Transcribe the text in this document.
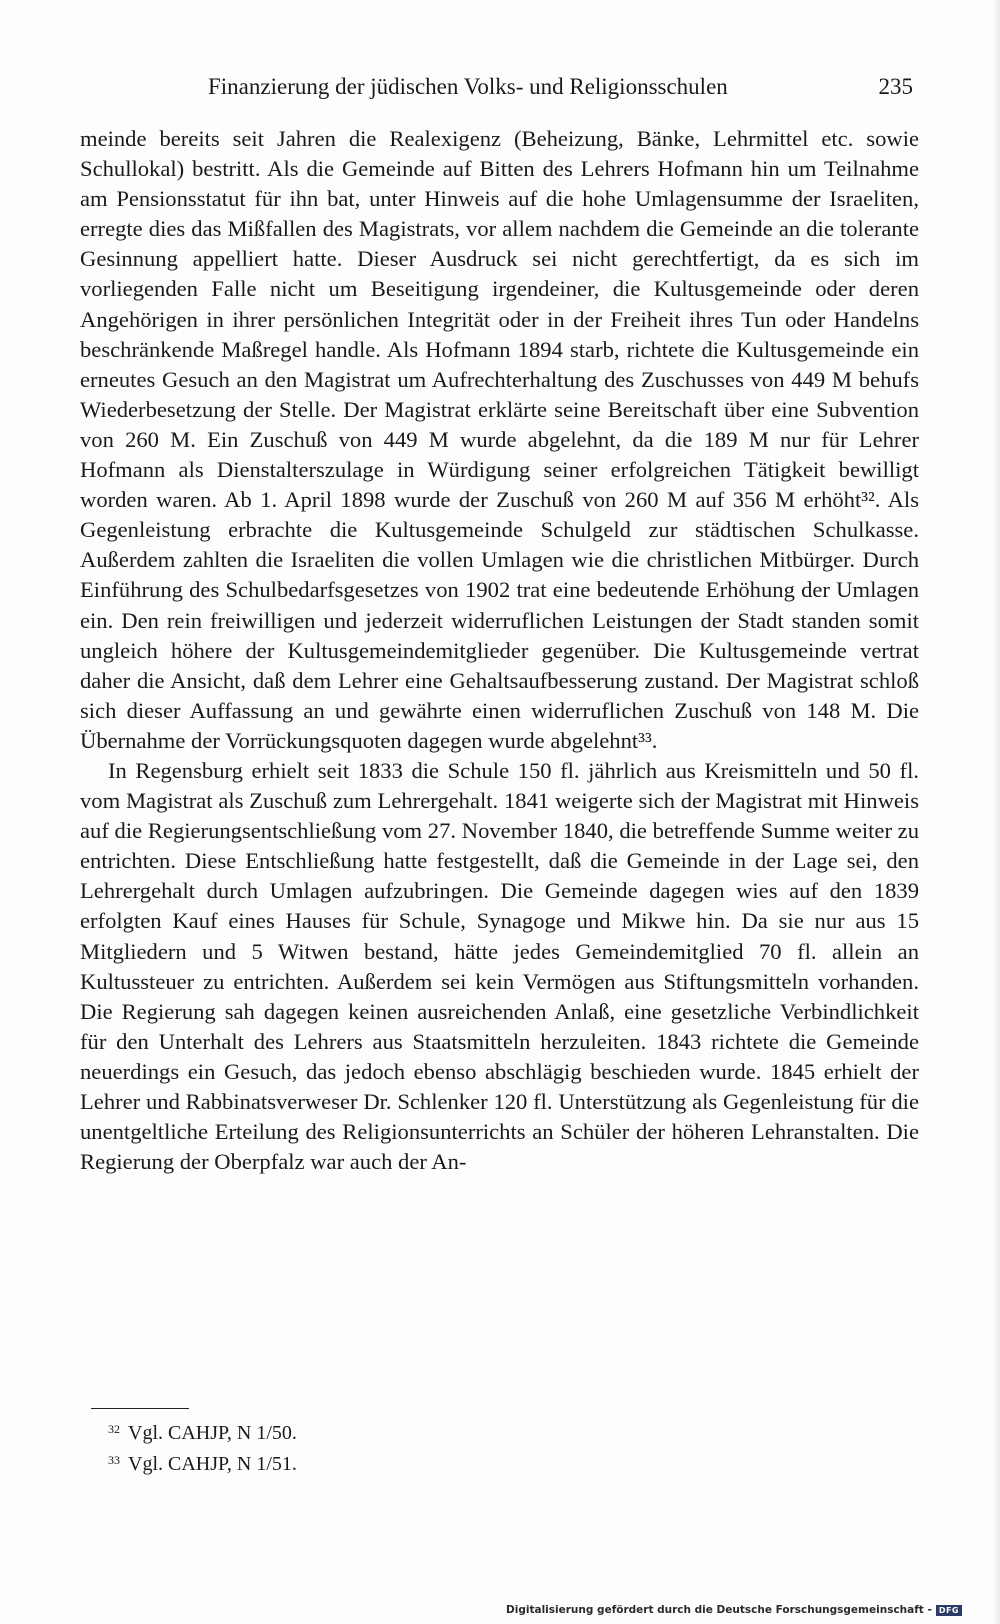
Finanzierung der jüdischen Volks- und Religionsschulen	235

meinde bereits seit Jahren die Realexigenz (Beheizung, Bänke, Lehrmittel etc. sowie Schullokal) bestritt. Als die Gemeinde auf Bitten des Lehrers Hofmann hin um Teilnahme am Pensionsstatut für ihn bat, unter Hinweis auf die hohe Umlagensumme der Israeliten, erregte dies das Mißfallen des Magistrats, vor allem nachdem die Gemeinde an die tolerante Gesinnung appelliert hatte. Dieser Ausdruck sei nicht gerechtfertigt, da es sich im vorliegenden Falle nicht um Beseitigung irgendeiner, die Kultusgemeinde oder deren Angehörigen in ihrer persönlichen Integrität oder in der Freiheit ihres Tun oder Handelns beschränkende Maßregel handle. Als Hofmann 1894 starb, richtete die Kultusgemeinde ein erneutes Gesuch an den Magistrat um Aufrechterhaltung des Zuschusses von 449 M behufs Wiederbesetzung der Stelle. Der Magistrat erklärte seine Bereitschaft über eine Subvention von 260 M. Ein Zuschuß von 449 M wurde abgelehnt, da die 189 M nur für Lehrer Hofmann als Dienstalterszulage in Würdigung seiner erfolgreichen Tätigkeit bewilligt worden waren. Ab 1. April 1898 wurde der Zuschuß von 260 M auf 356 M erhöht³². Als Gegenleistung erbrachte die Kultusgemeinde Schulgeld zur städtischen Schulkasse. Außerdem zahlten die Israeliten die vollen Umlagen wie die christlichen Mitbürger. Durch Einführung des Schulbedarfsgesetzes von 1902 trat eine bedeutende Erhöhung der Umlagen ein. Den rein freiwilligen und jederzeit widerruflichen Leistungen der Stadt standen somit ungleich höhere der Kultusgemeindemitglieder gegenüber. Die Kultusgemeinde vertrat daher die Ansicht, daß dem Lehrer eine Gehaltsaufbesserung zustand. Der Magistrat schloß sich dieser Auffassung an und gewährte einen widerruflichen Zuschuß von 148 M. Die Übernahme der Vorrückungsquoten dagegen wurde abgelehnt³³.

In Regensburg erhielt seit 1833 die Schule 150 fl. jährlich aus Kreismitteln und 50 fl. vom Magistrat als Zuschuß zum Lehrergehalt. 1841 weigerte sich der Magistrat mit Hinweis auf die Regierungsentschließung vom 27. November 1840, die betreffende Summe weiter zu entrichten. Diese Entschließung hatte festgestellt, daß die Gemeinde in der Lage sei, den Lehrergehalt durch Umlagen aufzubringen. Die Gemeinde dagegen wies auf den 1839 erfolgten Kauf eines Hauses für Schule, Synagoge und Mikwe hin. Da sie nur aus 15 Mitgliedern und 5 Witwen bestand, hätte jedes Gemeindemitglied 70 fl. allein an Kultussteuer zu entrichten. Außerdem sei kein Vermögen aus Stiftungsmitteln vorhanden. Die Regierung sah dagegen keinen ausreichenden Anlaß, eine gesetzliche Verbindlichkeit für den Unterhalt des Lehrers aus Staatsmitteln herzuleiten. 1843 richtete die Gemeinde neuerdings ein Gesuch, das jedoch ebenso abschlägig beschieden wurde. 1845 erhielt der Lehrer und Rabbinatsverweser Dr. Schlenker 120 fl. Unterstützung als Gegenleistung für die unentgeltliche Erteilung des Religionsunterrichts an Schüler der höheren Lehranstalten. Die Regierung der Oberpfalz war auch der An-

$^{32}$ Vgl. CAHJP, N 1/50.
$^{33}$ Vgl. CAHJP, N 1/51.
Digitalisierung gefördert durch die Deutsche Forschungsgemeinschaft - DFG
